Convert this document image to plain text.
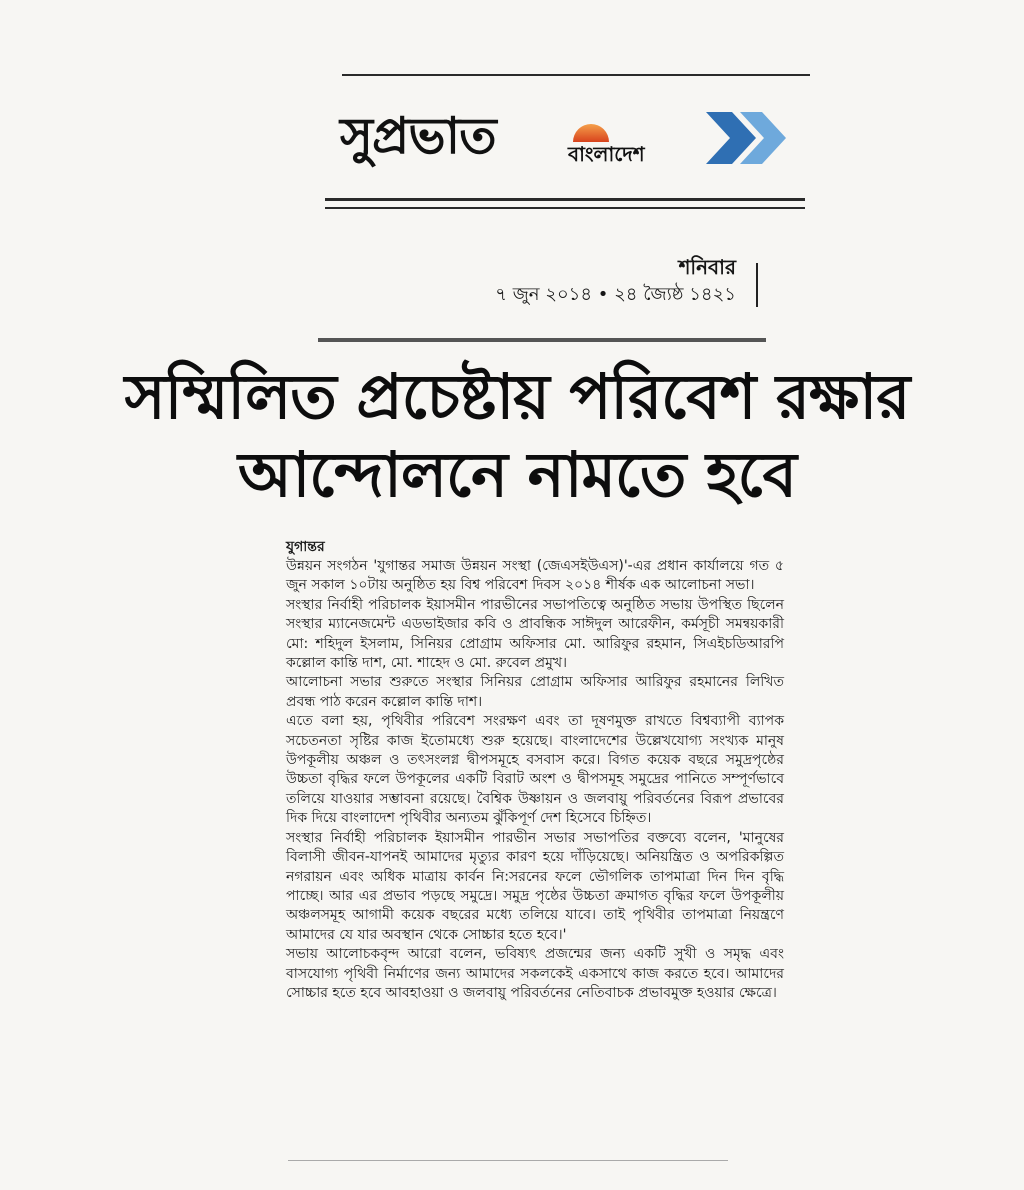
সুপ্রভাত	বাংলাদেশ
শনিবার
৭ জুন ২০১৪ • ২৪ জ্যৈষ্ঠ ১৪২১
সম্মিলিত প্রচেষ্টায় পরিবেশ রক্ষার
আন্দোলনে নামতে হবে

যুগান্তর

উন্নয়ন সংগঠন 'যুগান্তর সমাজ উন্নয়ন সংস্থা (জেএসইউএস)'-এর প্রধান কার্যালয়ে গত ৫ জুন সকাল ১০টায় অনুষ্ঠিত হয় বিশ্ব পরিবেশ দিবস ২০১৪ শীর্ষক এক আলোচনা সভা।

সংস্থার নির্বাহী পরিচালক ইয়াসমীন পারভীনের সভাপতিত্বে অনুষ্ঠিত সভায় উপস্থিত ছিলেন সংস্থার ম্যানেজমেন্ট এডভাইজার কবি ও প্রাবন্ধিক সাঈদুল আরেফীন, কর্মসূচী সমন্বয়কারী মো: শহিদুল ইসলাম, সিনিয়র প্রোগ্রাম অফিসার মো. আরিফুর রহমান, সিএইচডিআরপি কল্লোল কান্তি দাশ, মো. শাহেদ ও মো. রুবেল প্রমুখ।

আলোচনা সভার শুরুতে সংস্থার সিনিয়র প্রোগ্রাম অফিসার আরিফুর রহমানের লিখিত প্রবন্ধ পাঠ করেন কল্লোল কান্তি দাশ।

এতে বলা হয়, পৃথিবীর পরিবেশ সংরক্ষণ এবং তা দূষণমুক্ত রাখতে বিশ্বব্যাপী ব্যাপক সচেতনতা সৃষ্টির কাজ ইতোমধ্যে শুরু হয়েছে। বাংলাদেশের উল্লেখযোগ্য সংখ্যক মানুষ উপকূলীয় অঞ্চল ও তৎসংলগ্ন দ্বীপসমূহে বসবাস করে। বিগত কয়েক বছরে সমুদ্রপৃষ্ঠের উচ্চতা বৃদ্ধির ফলে উপকূলের একটি বিরাট অংশ ও দ্বীপসমূহ সমুদ্রের পানিতে সম্পূর্ণভাবে তলিয়ে যাওয়ার সম্ভাবনা রয়েছে। বৈশ্বিক উষ্ণায়ন ও জলবায়ু পরিবর্তনের বিরূপ প্রভাবের দিক দিয়ে বাংলাদেশ পৃথিবীর অন্যতম ঝুঁকিপূর্ণ দেশ হিসেবে চিহ্নিত।

সংস্থার নির্বাহী পরিচালক ইয়াসমীন পারভীন সভার সভাপতির বক্তব্যে বলেন, 'মানুষের বিলাসী জীবন-যাপনই আমাদের মৃত্যুর কারণ হয়ে দাঁড়িয়েছে। অনিয়ন্ত্রিত ও অপরিকল্পিত নগরায়ন এবং অধিক মাত্রায় কার্বন নি:সরনের ফলে ভৌগলিক তাপমাত্রা দিন দিন বৃদ্ধি পাচ্ছে। আর এর প্রভাব পড়ছে সমুদ্রে। সমুদ্র পৃষ্ঠের উচ্চতা ক্রমাগত বৃদ্ধির ফলে উপকূলীয় অঞ্চলসমূহ আগামী কয়েক বছরের মধ্যে তলিয়ে যাবে। তাই পৃথিবীর তাপমাত্রা নিয়ন্ত্রণে আমাদের যে যার অবস্থান থেকে সোচ্চার হতে হবে।'

সভায় আলোচকবৃন্দ আরো বলেন, ভবিষ্যৎ প্রজন্মের জন্য একটি সুখী ও সমৃদ্ধ এবং বাসযোগ্য পৃথিবী নির্মাণের জন্য আমাদের সকলকেই একসাথে কাজ করতে হবে। আমাদের সোচ্চার হতে হবে আবহাওয়া ও জলবায়ু পরিবর্তনের নেতিবাচক প্রভাবমুক্ত হওয়ার ক্ষেত্রে।
